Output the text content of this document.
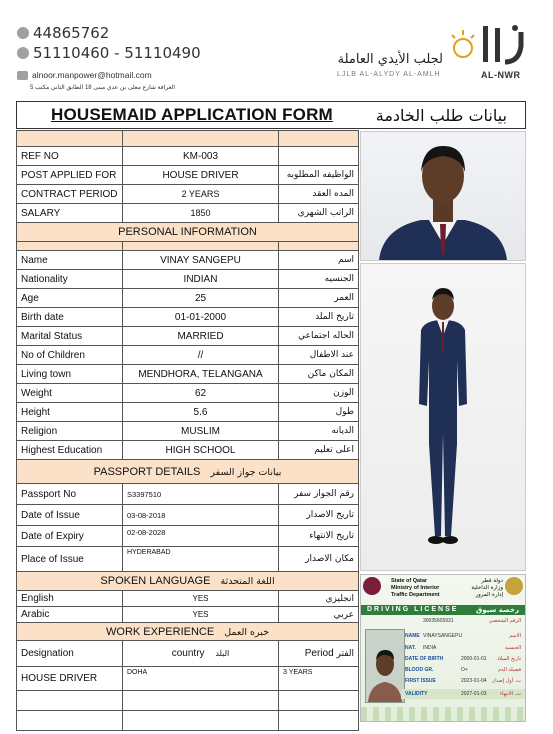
44865762
51110460 - 51110490
alnoor.manpower@hotmail.com
الغرافة شارع معلى بن عدي مبنى 18 الطابق الثاني مكتب 5
لجلب الأيدي العاملة
LJLB AL-ALYDY AL-AMLH	AL-NWR
HOUSEMAID APPLICATION FORM	بيانات طلب الخادمة

REF NO	KM-003	
POST APPLIED FOR	HOUSE DRIVER	الواظيفه المطلوبه
CONTRACT PERIOD	2 YEARS	المده العقد
SALARY	1850	الراتب الشهري
PERSONAL INFORMATION		

Name	VINAY SANGEPU	اسم
Nationality	INDIAN	الجنسيه
Age	25	العمر
Birth date	01-01-2000	تاريخ الملد
Marital Status	MARRIED	الحاله اجتماعي
No of Children	//	عند الاطفال
Living town	MENDHORA, TELANGANA	المكان ماكن
Weight	62	الوزن
Height	5.6	طول
Religion	MUSLIM	الديانه
Highest Education	HIGH SCHOOL	اعلى تعليم
PASSPORT DETAILS بيانات جواز السفر		
Passport No	S3397510	رقم الجواز سفر
Date of Issue	03-08-2018	تاريخ الاصدار
Date of Expiry	02-08-2028	تاريخ الانتهاء
Place of Issue	HYDERABAD	مكان الاصدار
SPOKEN LANGUAGE اللغة المتحدثة		
English	YES	انجليزي
Arabic	YES	عربي
WORK EXPERIENCE خبره العمل		
Designation	country البلد	Period الفتر
HOUSE DRIVER	DOHA	3 YEARS

State of Qatar
Ministry of Interior
Traffic Department
دولة قطر
وزارة الداخلية
إدارة المرور
DRIVING LICENSE	رخصة سيوق
30035605931	الرقم الشخصي
NAME VINAYSANGEPU	الاسم
NAT. INDIA	الجنسية
DATE OF BIRTH	2000-01-01 تاريخ الميلاد
BLOOD GR.	O+	فصيلة الدم
FIRST ISSUE	2023-01-04 ت. أول إصدار
VALIDITY	2027-01-03	ت. الانتهاء
